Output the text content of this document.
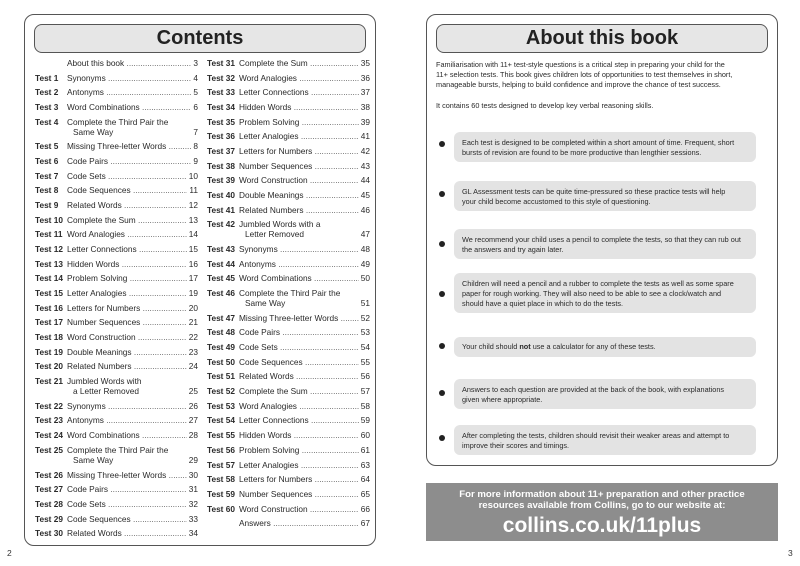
Contents
About this book .....	3
Test 1	Synonyms .....	4
Test 2	Antonyms .....	5
Test 3	Word Combinations .....	6
Test 4	Complete the Third Pair the
Same Way	7
Test 5	Missing Three-letter Words .....	8
Test 6	Code Pairs .....	9
Test 7	Code Sets .....	10
Test 8	Code Sequences .....	11
Test 9	Related Words .....	12
Test 10 Complete the Sum .....	13
Test 11 Word Analogies .....	14
Test 12 Letter Connections .....	15
Test 13 Hidden Words .....	16
Test 14 Problem Solving .....	17
Test 15 Letter Analogies .....	19
Test 16 Letters for Numbers .....	20
Test 17 Number Sequences .....	21
Test 18 Word Construction .....	22
Test 19 Double Meanings .....	23
Test 20 Related Numbers .....	24
Test 21 Jumbled Words with
a Letter Removed	25
Test 22 Synonyms .....	26
Test 23 Antonyms .....	27
Test 24 Word Combinations .....	28
Test 25 Complete the Third Pair the
Same Way	29
Test 26 Missing Three-letter Words .....	30
Test 27 Code Pairs .....	31
Test 28 Code Sets .....	32
Test 29 Code Sequences .....	33
Test 30 Related Words .....	34
Test 31 Complete the Sum .....	35
Test 32 Word Analogies .....	36
Test 33 Letter Connections .....	37
Test 34 Hidden Words .....	38
Test 35 Problem Solving .....	39
Test 36 Letter Analogies .....	41
Test 37 Letters for Numbers .....	42
Test 38 Number Sequences .....	43
Test 39 Word Construction .....	44
Test 40 Double Meanings .....	45
Test 41 Related Numbers .....	46
Test 42 Jumbled Words with a
Letter Removed	47
Test 43 Synonyms .....	48
Test 44 Antonyms .....	49
Test 45 Word Combinations .....	50
Test 46 Complete the Third Pair the
Same Way	51
Test 47 Missing Three-letter Words .....	52
Test 48 Code Pairs .....	53
Test 49 Code Sets .....	54
Test 50 Code Sequences .....	55
Test 51 Related Words .....	56
Test 52 Complete the Sum .....	57
Test 53 Word Analogies .....	58
Test 54 Letter Connections .....	59
Test 55 Hidden Words .....	60
Test 56 Problem Solving .....	61
Test 57 Letter Analogies .....	63
Test 58 Letters for Numbers .....	64
Test 59 Number Sequences .....	65
Test 60 Word Construction .....	66
Answers .....	67
About this book
Familiarisation with 11+ test-style questions is a critical step in preparing your child for the
11+ selection tests. This book gives children lots of opportunities to test themselves in short,
manageable bursts, helping to build confidence and improve the chance of test success.
It contains 60 tests designed to develop key verbal reasoning skills.
Each test is designed to be completed within a short amount of time. Frequent, short
bursts of revision are found to be more productive than lengthier sessions.
GL Assessment tests can be quite time-pressured so these practice tests will help
your child become accustomed to this style of questioning.
We recommend your child uses a pencil to complete the tests, so that they can rub out
the answers and try again later.
Children will need a pencil and a rubber to complete the tests as well as some spare
paper for rough working. They will also need to be able to see a clock/watch and
should have a quiet place in which to do the tests.
Your child should not use a calculator for any of these tests.
Answers to each question are provided at the back of the book, with explanations
given where appropriate.
After completing the tests, children should revisit their weaker areas and attempt to
improve their scores and timings.
For more information about 11+ preparation and other practice
resources available from Collins, go to our website at:
collins.co.uk/11plus
2	3
